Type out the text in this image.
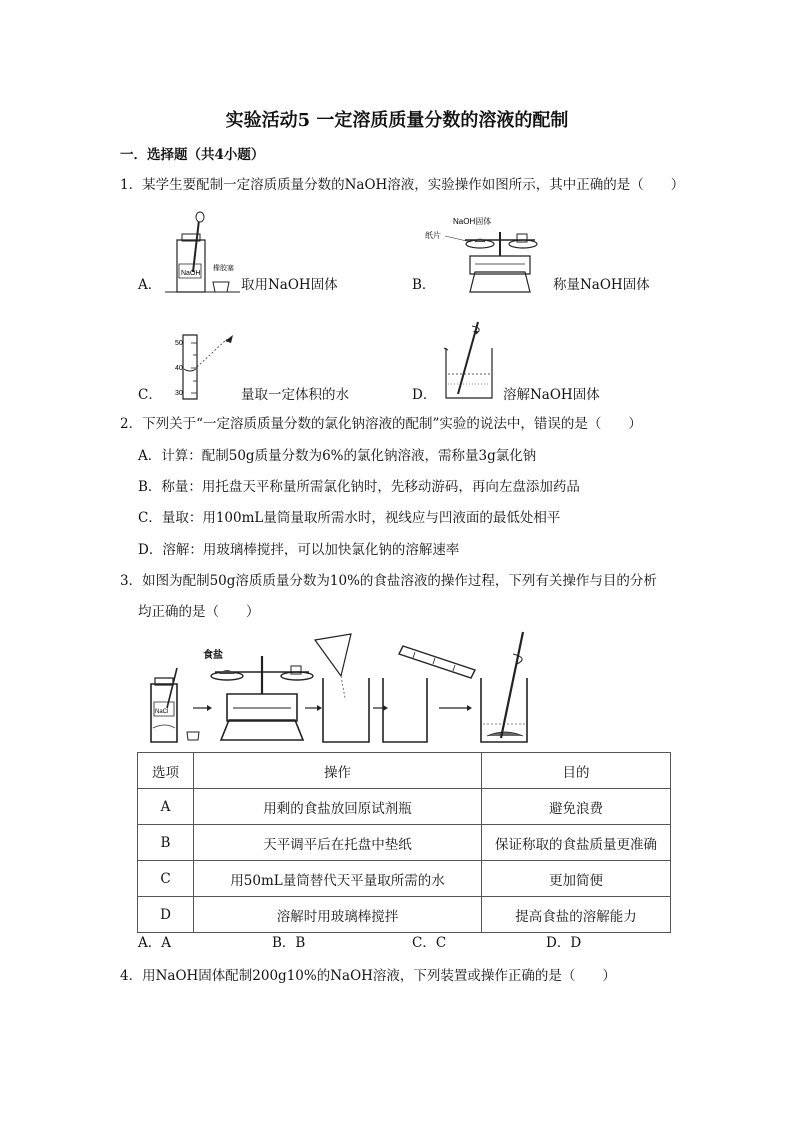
实验活动5 一定溶质质量分数的溶液的配制
一．选择题（共4小题）
1．某学生要配制一定溶质质量分数的NaOH溶液，实验操作如图所示，其中正确的是（　　）
NaOH
橡胶塞
A．	取用NaOH固体
NaOH固体
纸片
B．	称量NaOH固体
50
40
30
C．	量取一定体积的水	D．	溶解NaOH固体
2．下列关于“一定溶质质量分数的氯化钠溶液的配制”实验的说法中，错误的是（　　）
A．计算：配制50g质量分数为6%的氯化钠溶液，需称量3g氯化钠
B．称量：用托盘天平称量所需氯化钠时，先移动游码，再向左盘添加药品
C．量取：用100mL量筒量取所需水时，视线应与凹液面的最低处相平
D．溶解：用玻璃棒搅拌，可以加快氯化钠的溶解速率
3．如图为配制50g溶质质量分数为10%的食盐溶液的操作过程，下列有关操作与目的分析
均正确的是（　　）
NaCl
食盐
选项	操作	目的
A	用剩的食盐放回原试剂瓶	避免浪费
B	天平调平后在托盘中垫纸	保证称取的食盐质量更准确
C	用50mL量筒替代天平量取所需的水	更加简便
D	溶解时用玻璃棒搅拌	提高食盐的溶解能力
A．A	B．B	C．C	D．D
4．用NaOH固体配制200g10%的NaOH溶液，下列装置或操作正确的是（　　）
